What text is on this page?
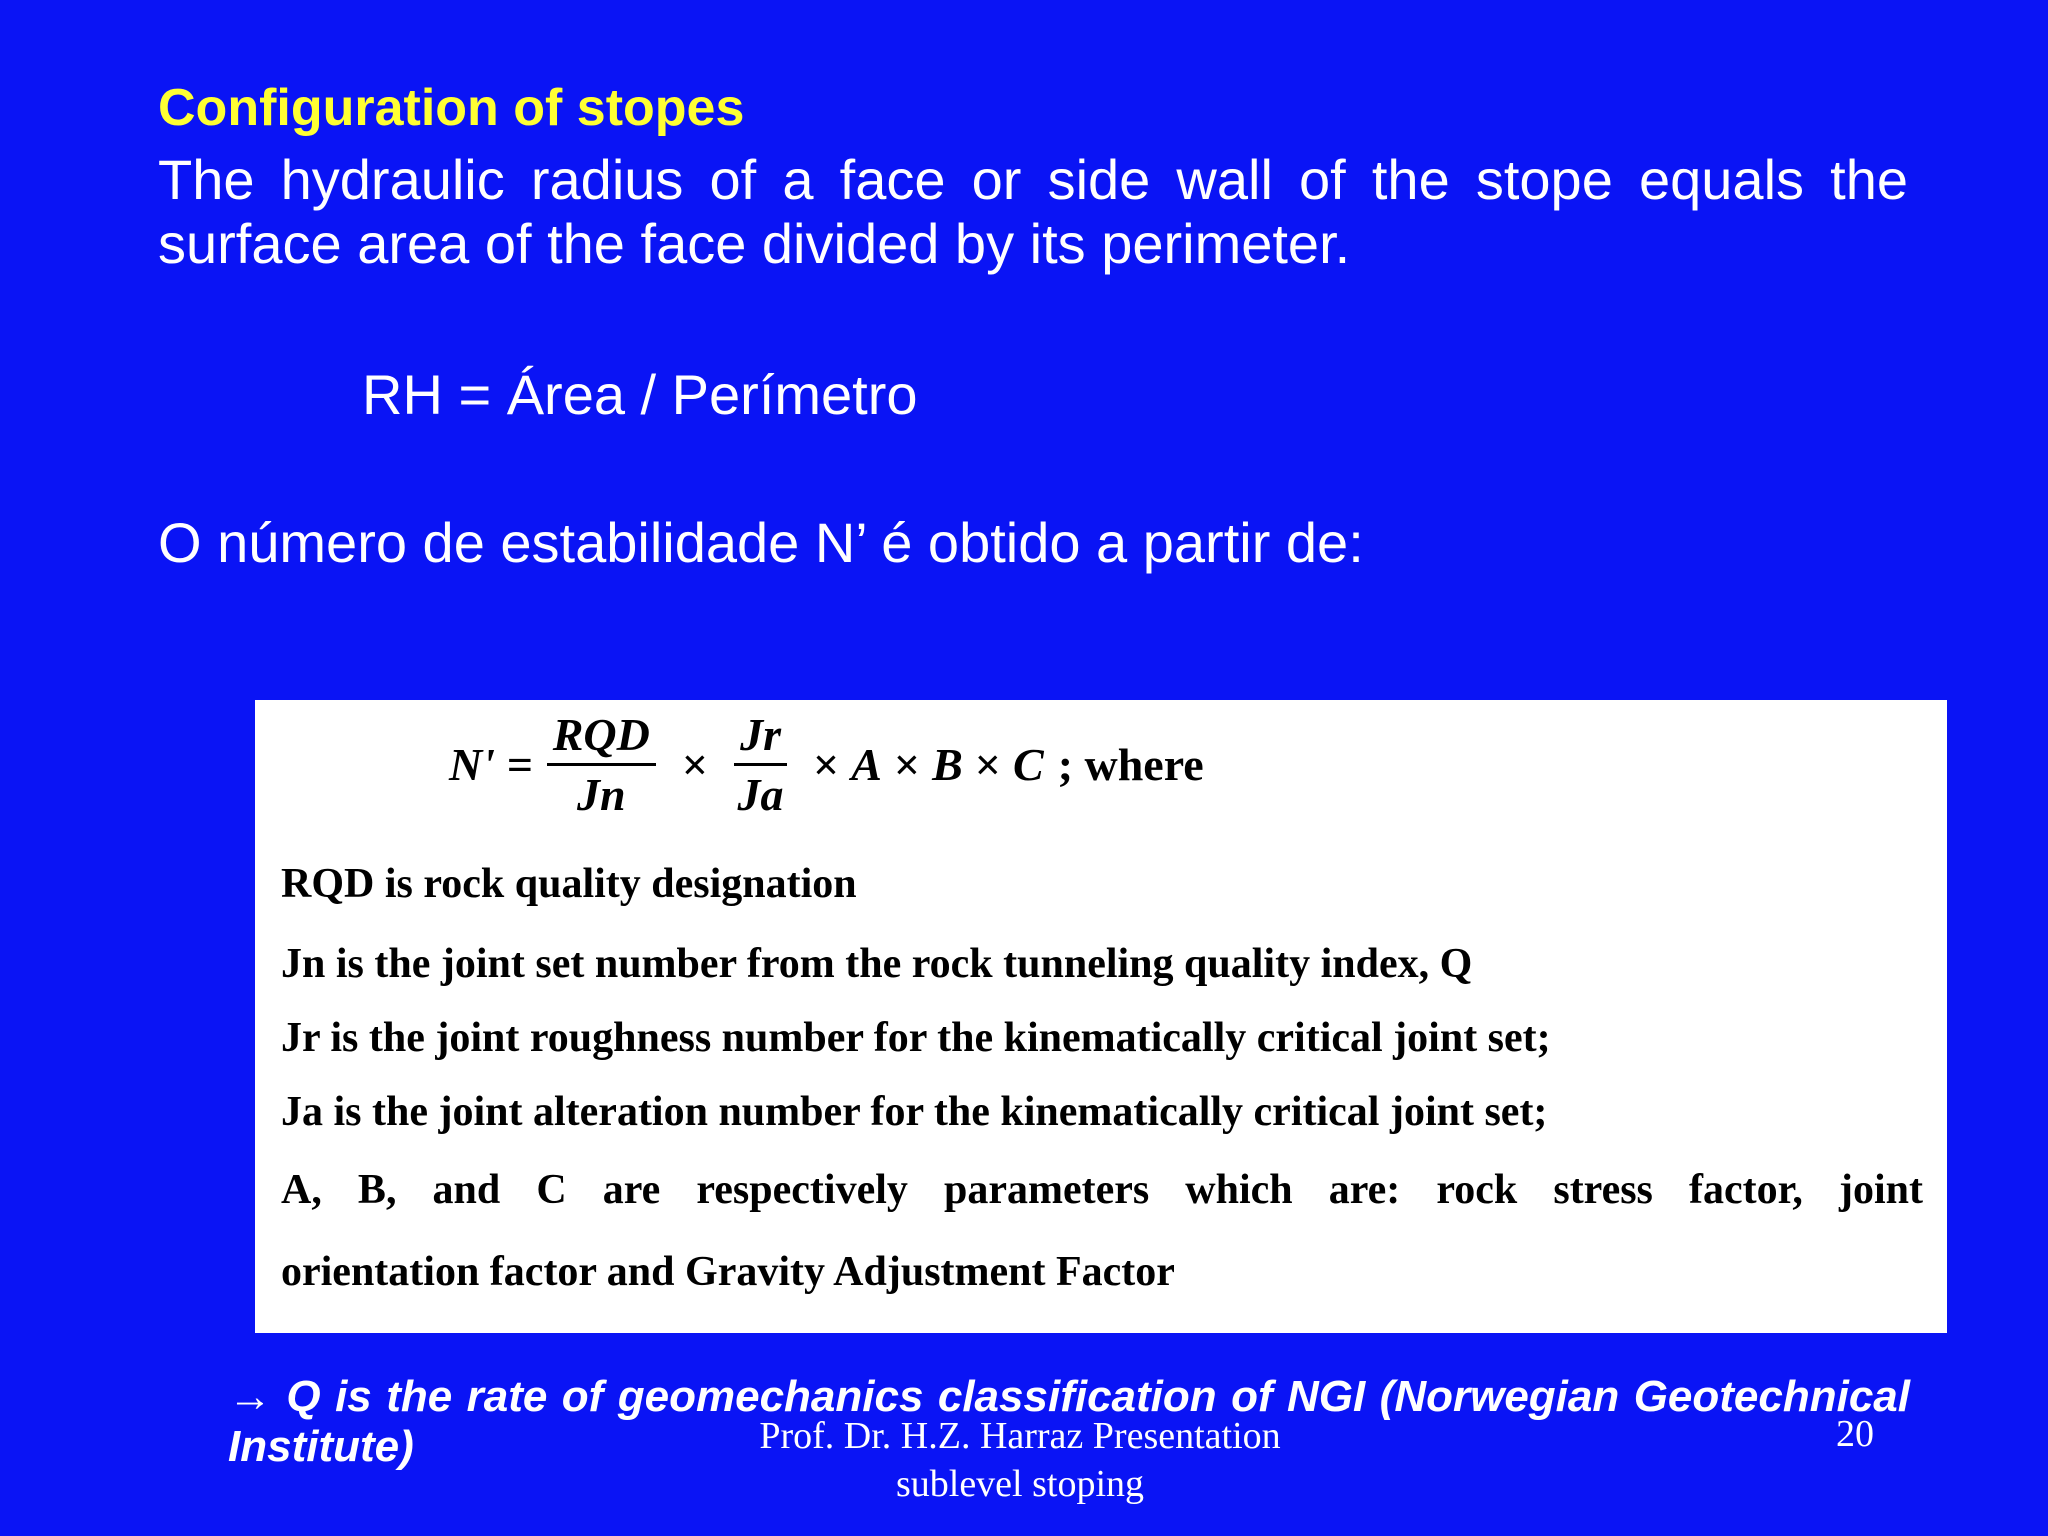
Configuration of stopes
The hydraulic radius of a face or side wall of the stope equals the surface area of the face divided by its perimeter.
RH = Área / Perímetro
O número de estabilidade N’ é obtido a partir de:
$N' = \frac{\text{RQD}}{Jn} \times \frac{Jr}{Ja} \times A \times B \times C$ ; where
RQD is rock quality designation
Jn is the joint set number from the rock tunneling quality index, Q
Jr is the joint roughness number for the kinematically critical joint set;
Ja is the joint alteration number for the kinematically critical joint set;
A, B, and C are respectively parameters which are: rock stress factor, joint
orientation factor and Gravity Adjustment Factor
→ Q is the rate of geomechanics classification of NGI (Norwegian Geotechnical Institute)	Prof. Dr. H.Z. Harraz Presentation
sublevel stoping
20
